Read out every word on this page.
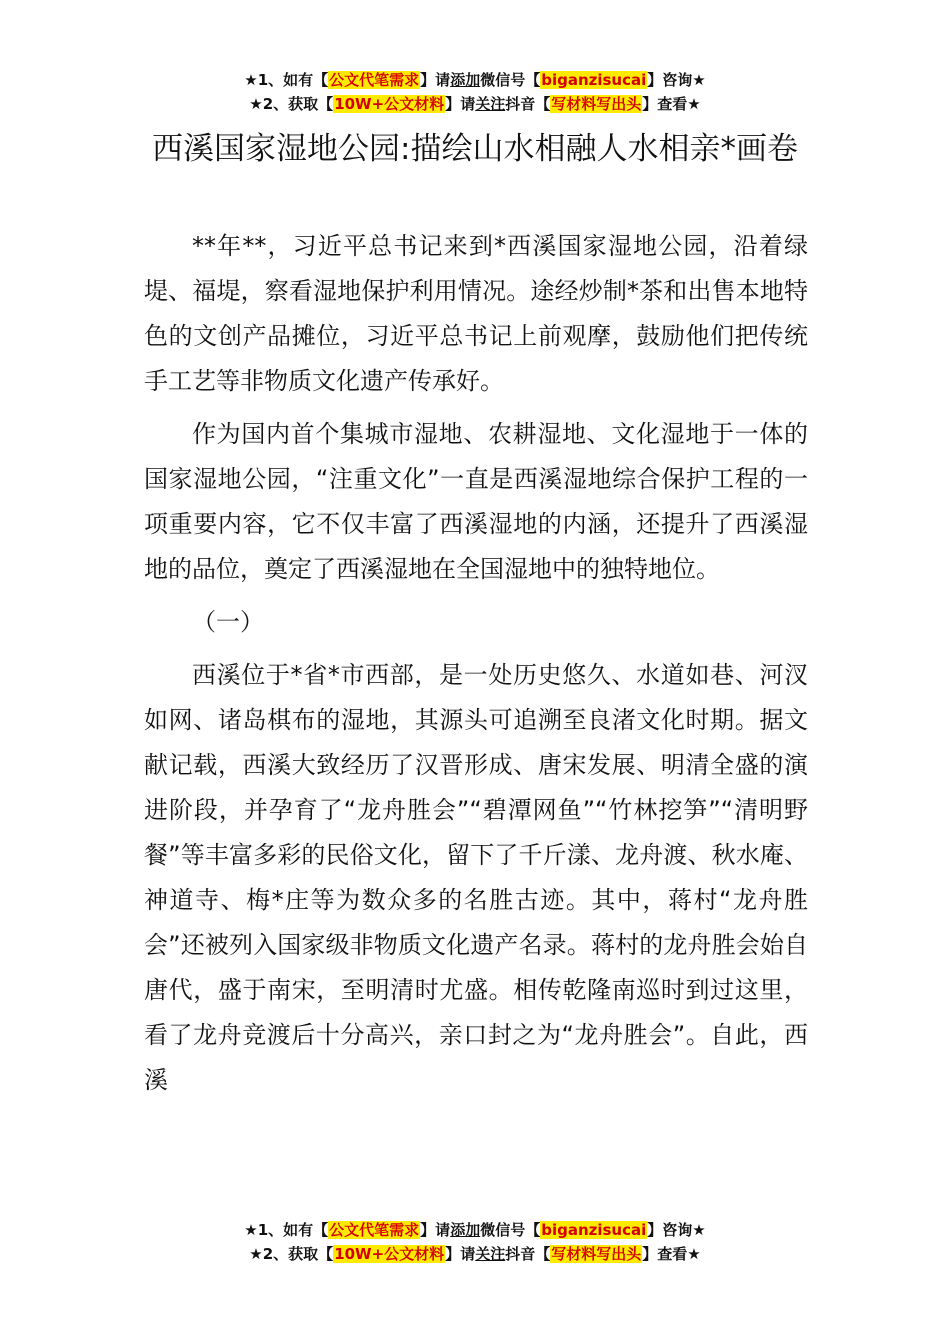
★1、如有【公文代笔需求】请添加微信号【biganzisucai】咨询★
★2、获取【10W+公文材料】请关注抖音【写材料写出头】查看★
西溪国家湿地公园:描绘山水相融人水相亲*画卷

**年**，习近平总书记来到*西溪国家湿地公园，沿着绿堤、福堤，察看湿地保护利用情况。途经炒制*茶和出售本地特色的文创产品摊位，习近平总书记上前观摩，鼓励他们把传统手工艺等非物质文化遗产传承好。

作为国内首个集城市湿地、农耕湿地、文化湿地于一体的国家湿地公园，“注重文化”一直是西溪湿地综合保护工程的一项重要内容，它不仅丰富了西溪湿地的内涵，还提升了西溪湿地的品位，奠定了西溪湿地在全国湿地中的独特地位。

（一）

西溪位于*省*市西部，是一处历史悠久、水道如巷、河汊如网、诸岛棋布的湿地，其源头可追溯至良渚文化时期。据文献记载，西溪大致经历了汉晋形成、唐宋发展、明清全盛的演进阶段，并孕育了“龙舟胜会”“碧潭网鱼”“竹林挖笋”“清明野餐”等丰富多彩的民俗文化，留下了千斤漾、龙舟渡、秋水庵、神道寺、梅*庄等为数众多的名胜古迹。其中，蒋村“龙舟胜会”还被列入国家级非物质文化遗产名录。蒋村的龙舟胜会始自唐代，盛于南宋，至明清时尤盛。相传乾隆南巡时到过这里，看了龙舟竞渡后十分高兴，亲口封之为“龙舟胜会”。自此，西溪

★1、如有【公文代笔需求】请添加微信号【biganzisucai】咨询★
★2、获取【10W+公文材料】请关注抖音【写材料写出头】查看★
